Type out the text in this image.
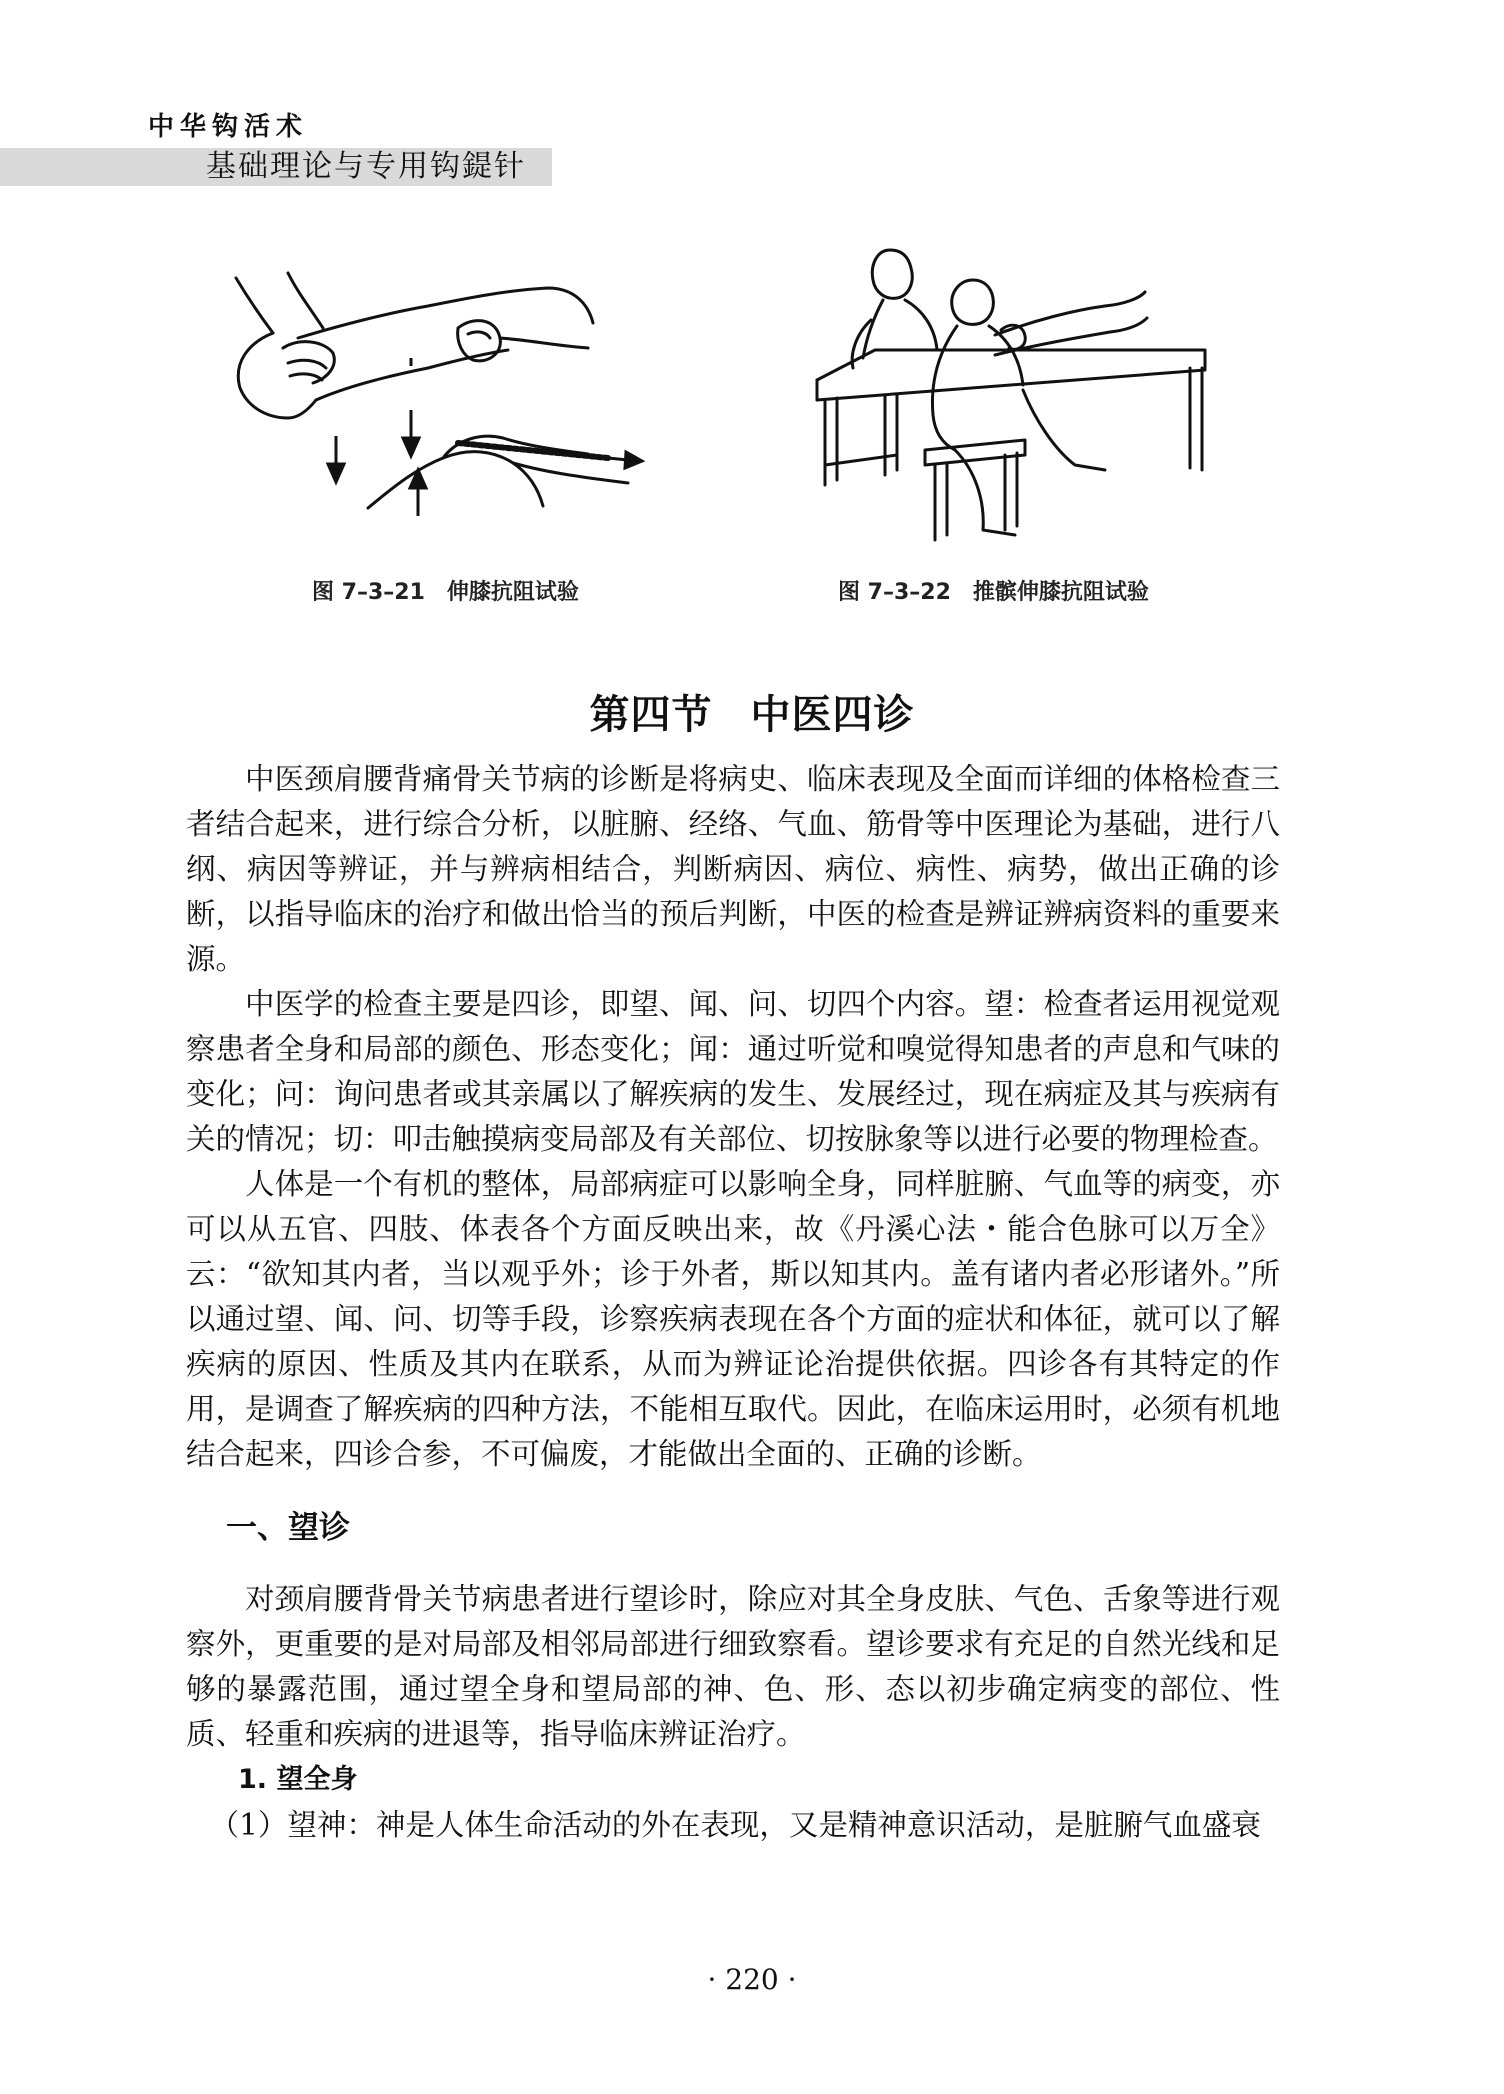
中华钩活术
基础理论与专用钩鍉针
图 7–3–21 伸膝抗阻试验	图 7–3–22 推髌伸膝抗阻试验
第四节 中医四诊

中医颈肩腰背痛骨关节病的诊断是将病史、临床表现及全面而详细的体格检查三者结合起来，进行综合分析，以脏腑、经络、气血、筋骨等中医理论为基础，进行八纲、病因等辨证，并与辨病相结合，判断病因、病位、病性、病势，做出正确的诊断，以指导临床的治疗和做出恰当的预后判断，中医的检查是辨证辨病资料的重要来源。

中医学的检查主要是四诊，即望、闻、问、切四个内容。望：检查者运用视觉观察患者全身和局部的颜色、形态变化；闻：通过听觉和嗅觉得知患者的声息和气味的变化；问：询问患者或其亲属以了解疾病的发生、发展经过，现在病症及其与疾病有关的情况；切：叩击触摸病变局部及有关部位、切按脉象等以进行必要的物理检查。

人体是一个有机的整体，局部病症可以影响全身，同样脏腑、气血等的病变，亦可以从五官、四肢、体表各个方面反映出来，故《丹溪心法・能合色脉可以万全》云：“欲知其内者，当以观乎外；诊于外者，斯以知其内。盖有诸内者必形诸外。”所以通过望、闻、问、切等手段，诊察疾病表现在各个方面的症状和体征，就可以了解疾病的原因、性质及其内在联系，从而为辨证论治提供依据。四诊各有其特定的作用，是调查了解疾病的四种方法，不能相互取代。因此，在临床运用时，必须有机地结合起来，四诊合参，不可偏废，才能做出全面的、正确的诊断。

一、望诊

对颈肩腰背骨关节病患者进行望诊时，除应对其全身皮肤、气色、舌象等进行观察外，更重要的是对局部及相邻局部进行细致察看。望诊要求有充足的自然光线和足够的暴露范围，通过望全身和望局部的神、色、形、态以初步确定病变的部位、性质、轻重和疾病的进退等，指导临床辨证治疗。

1. 望全身

（1）望神：神是人体生命活动的外在表现，又是精神意识活动，是脏腑气血盛衰

· 220 ·
